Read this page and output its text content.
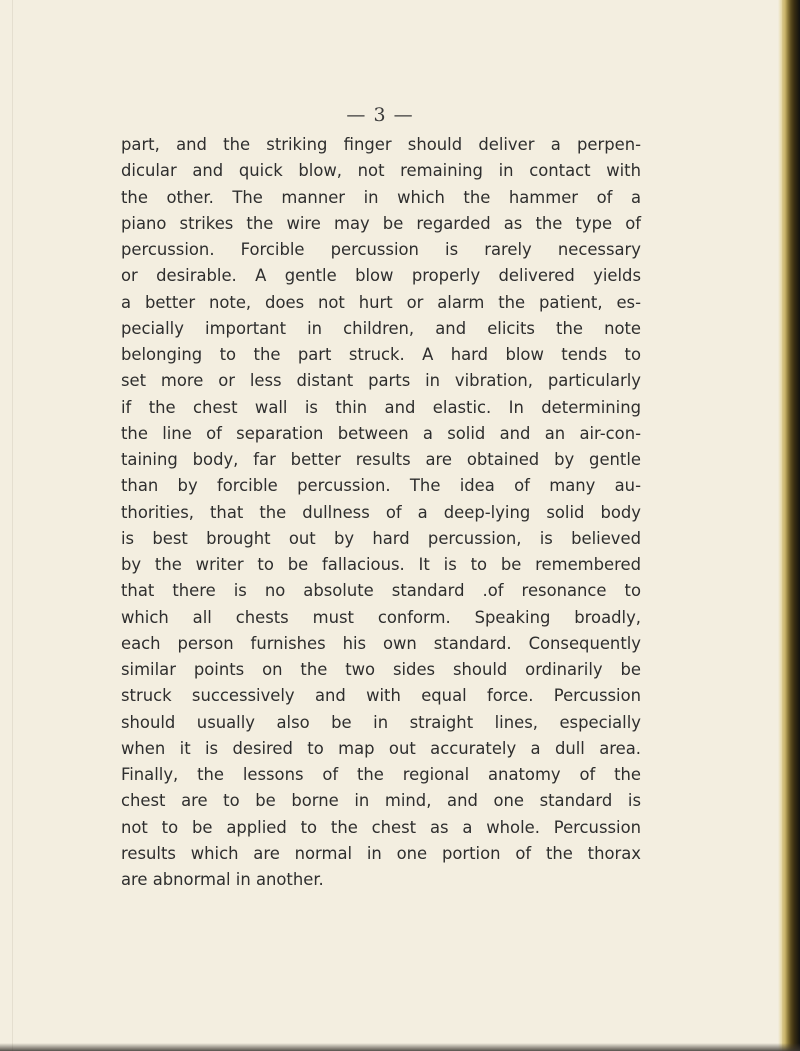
— 3 —
part, and the striking finger should deliver a perpen-
dicular and quick blow, not remaining in contact with
the other. The manner in which the hammer of a
piano strikes the wire may be regarded as the type of
percussion. Forcible percussion is rarely necessary
or desirable. A gentle blow properly delivered yields
a better note, does not hurt or alarm the patient, es-
pecially important in children, and elicits the note
belonging to the part struck. A hard blow tends to
set more or less distant parts in vibration, particularly
if the chest wall is thin and elastic. In determining
the line of separation between a solid and an air-con-
taining body, far better results are obtained by gentle
than by forcible percussion. The idea of many au-
thorities, that the dullness of a deep-lying solid body
is best brought out by hard percussion, is believed
by the writer to be fallacious. It is to be remembered
that there is no absolute standard .of resonance to
which all chests must conform. Speaking broadly,
each person furnishes his own standard. Consequently
similar points on the two sides should ordinarily be
struck successively and with equal force. Percussion
should usually also be in straight lines, especially
when it is desired to map out accurately a dull area.
Finally, the lessons of the regional anatomy of the
chest are to be borne in mind, and one standard is
not to be applied to the chest as a whole. Percussion
results which are normal in one portion of the thorax
are abnormal in another.
